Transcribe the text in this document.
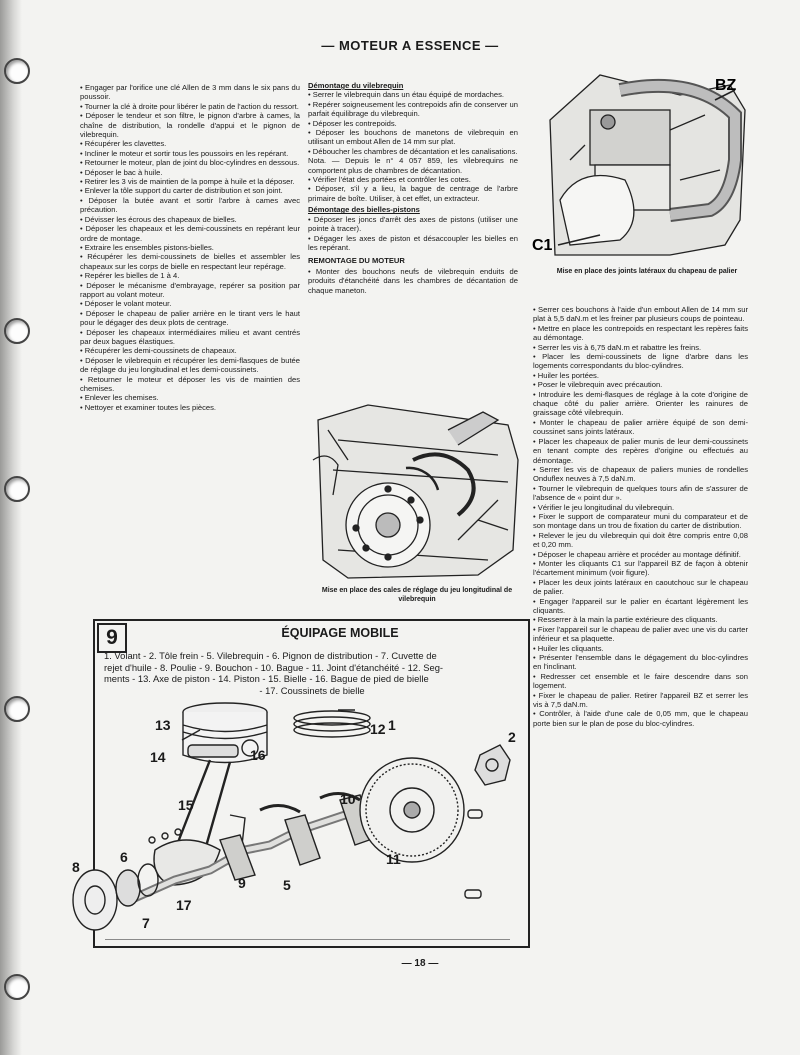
— MOTEUR A ESSENCE —

• Engager par l'orifice une clé Allen de 3 mm dans le six pans du poussoir.

• Tourner la clé à droite pour libérer le patin de l'action du ressort.

• Déposer le tendeur et son filtre, le pignon d'arbre à cames, la chaîne de distribution, la rondelle d'appui et le pignon de vilebrequin.

• Récupérer les clavettes.

• Incliner le moteur et sortir tous les poussoirs en les repérant.

• Retourner le moteur, plan de joint du bloc-cylindres en dessous.

• Déposer le bac à huile.

• Retirer les 3 vis de maintien de la pompe à huile et la déposer.

• Enlever la tôle support du carter de distribution et son joint.

• Déposer la butée avant et sortir l'arbre à cames avec précaution.

• Dévisser les écrous des chapeaux de bielles.

• Déposer les chapeaux et les demi-coussinets en repérant leur ordre de montage.

• Extraire les ensembles pistons-bielles.

• Récupérer les demi-coussinets de bielles et assembler les chapeaux sur les corps de bielle en respectant leur repérage.

• Repérer les bielles de 1 à 4.

• Déposer le mécanisme d'embrayage, repérer sa position par rapport au volant moteur.

• Déposer le volant moteur.

• Déposer le chapeau de palier arrière en le tirant vers le haut pour le dégager des deux plots de centrage.

• Déposer les chapeaux intermédiaires milieu et avant centrés par deux bagues élastiques.

• Récupérer les demi-coussinets de chapeaux.

• Déposer le vilebrequin et récupérer les demi-flasques de butée de réglage du jeu longitudinal et les demi-coussinets.

• Retourner le moteur et déposer les vis de maintien des chemises.

• Enlever les chemises.

• Nettoyer et examiner toutes les pièces.

Démontage du vilebrequin

• Serrer le vilebrequin dans un étau équipé de mordaches.

• Repérer soigneusement les contrepoids afin de conserver un parfait équilibrage du vilebrequin.

• Déposer les contrepoids.

• Déposer les bouchons de manetons de vilebrequin en utilisant un embout Allen de 14 mm sur plat.

• Déboucher les chambres de décantation et les canalisations.

Nota. — Depuis le n° 4 057 859, les vilebrequins ne comportent plus de chambres de décantation.

• Vérifier l'état des portées et contrôler les cotes.

• Déposer, s'il y a lieu, la bague de centrage de l'arbre primaire de boîte. Utiliser, à cet effet, un extracteur.

Démontage des bielles-pistons

• Déposer les joncs d'arrêt des axes de pistons (utiliser une pointe à tracer).

• Dégager les axes de piston et désaccoupler les bielles en les repérant.

REMONTAGE DU MOTEUR

• Monter des bouchons neufs de vilebrequin enduits de produits d'étanchéité dans les chambres de décantation de chaque maneton.

Mise en place des cales de réglage du jeu longitudinal de vilebrequin
BZ
C1
Mise en place des joints latéraux du chapeau de palier

• Serrer ces bouchons à l'aide d'un embout Allen de 14 mm sur plat à 5,5 daN.m et les freiner par plusieurs coups de pointeau.

• Mettre en place les contrepoids en respectant les repères faits au démontage.

• Serrer les vis à 6,75 daN.m et rabattre les freins.

• Placer les demi-coussinets de ligne d'arbre dans les logements correspondants du bloc-cylindres.

• Huiler les portées.

• Poser le vilebrequin avec précaution.

• Introduire les demi-flasques de réglage à la cote d'origine de chaque côté du palier arrière. Orienter les rainures de graissage côté vilebrequin.

• Monter le chapeau de palier arrière équipé de son demi-coussinet sans joints latéraux.

• Placer les chapeaux de palier munis de leur demi-coussinets en tenant compte des repères d'origine ou effectués au démontage.

• Serrer les vis de chapeaux de paliers munies de rondelles Onduflex neuves à 7,5 daN.m.

• Tourner le vilebrequin de quelques tours afin de s'assurer de l'absence de « point dur ».

• Vérifier le jeu longitudinal du vilebrequin.

• Fixer le support de comparateur muni du comparateur et de son montage dans un trou de fixation du carter de distribution.

• Relever le jeu du vilebrequin qui doit être compris entre 0,08 et 0,20 mm.

• Déposer le chapeau arrière et procéder au montage définitif.

• Monter les cliquants C1 sur l'appareil BZ de façon à obtenir l'écartement minimum (voir figure).

• Placer les deux joints latéraux en caoutchouc sur le chapeau de palier.

• Engager l'appareil sur le palier en écartant légèrement les cliquants.

• Resserrer à la main la partie extérieure des cliquants.

• Fixer l'appareil sur le chapeau de palier avec une vis du carter inférieur et sa plaquette.

• Huiler les cliquants.

• Présenter l'ensemble dans le dégagement du bloc-cylindres en l'inclinant.

• Redresser cet ensemble et le faire descendre dans son logement.

• Fixer le chapeau de palier. Retirer l'appareil BZ et serrer les vis à 7,5 daN.m.

• Contrôler, à l'aide d'une cale de 0,05 mm, que le chapeau porte bien sur le plan de pose du bloc-cylindres.

9	ÉQUIPAGE MOBILE

1. Volant - 2. Tôle frein - 5. Vilebrequin - 6. Pignon de distribution - 7. Cuvette de

rejet d'huile - 8. Poulie - 9. Bouchon - 10. Bague - 11. Joint d'étanchéité - 12. Seg-

ments - 13. Axe de piston - 14. Piston - 15. Bielle - 16. Bague de pied de bielle

- 17. Coussinets de bielle

1
2
5
6
7
8
9
10
11
12
13
14
15
16
17
— 18 —
